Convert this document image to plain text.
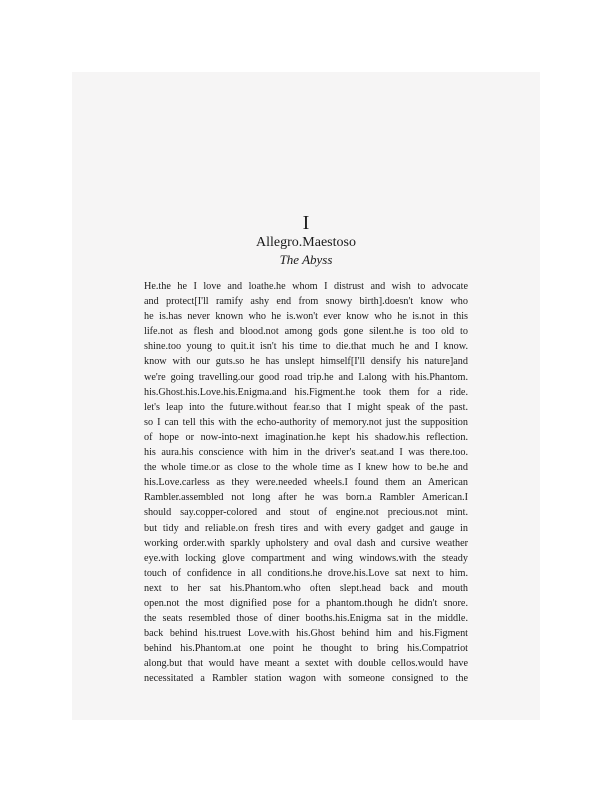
I
Allegro.Maestoso
The Abyss
He.the he I love and loathe.he whom I distrust and wish to advocate
and protect[I'll ramify ashy end from snowy birth].doesn't know who
he is.has never known who he is.won't ever know who he is.not in this
life.not as flesh and blood.not among gods gone silent.he is too old to
shine.too young to quit.it isn't his time to die.that much he and I know.
know with our guts.so he has unslept himself[I'll densify his nature]and
we're going travelling.our good road trip.he and I.along with his.Phantom.
his.Ghost.his.Love.his.Enigma.and his.Figment.he took them for a ride.
let's leap into the future.without fear.so that I might speak of the past.
so I can tell this with the echo-authority of memory.not just the supposition
of hope or now-into-next imagination.he kept his shadow.his reflection.
his aura.his conscience with him in the driver's seat.and I was there.too.
the whole time.or as close to the whole time as I knew how to be.he and
his.Love.carless as they were.needed wheels.I found them an American
Rambler.assembled not long after he was born.a Rambler American.I
should say.copper-colored and stout of engine.not precious.not mint.
but tidy and reliable.on fresh tires and with every gadget and gauge in
working order.with sparkly upholstery and oval dash and cursive weather
eye.with locking glove compartment and wing windows.with the steady
touch of confidence in all conditions.he drove.his.Love sat next to him.
next to her sat his.Phantom.who often slept.head back and mouth
open.not the most dignified pose for a phantom.though he didn't snore.
the seats resembled those of diner booths.his.Enigma sat in the middle.
back behind his.truest Love.with his.Ghost behind him and his.Figment
behind his.Phantom.at one point he thought to bring his.Compatriot
along.but that would have meant a sextet with double cellos.would have
necessitated a Rambler station wagon with someone consigned to the
